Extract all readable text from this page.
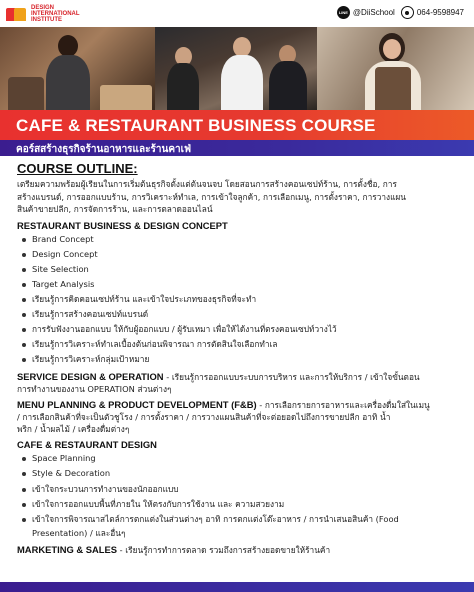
DESIGN
INTERNATIONAL
INSTITUTE
LINE @DiiSchool	064-9598947
CAFE & RESTAURANT BUSINESS COURSE
คอร์สสร้างธุรกิจร้านอาหารและร้านคาเฟ่
COURSE OUTLINE:
เตรียมความพร้อมผู้เรียนในการเริ่มต้นธุรกิจตั้งแต่ต้นจนจบ โดยสอนการสร้างคอนเซปท์ร้าน, การตั้งชื่อ, การ
สร้างแบรนด์, การออกแบบร้าน, การวิเคราะห์ทำเล, การเข้าใจลูกค้า, การเลือกเมนู, การตั้งราคา, การวางแผน
สินค้าขายปลีก, การจัดการร้าน, และการตลาดออนไลน์
RESTAURANT BUSINESS & DESIGN CONCEPT
Brand Concept
Design Concept
Site Selection
Target Analysis
เรียนรู้การคิดคอนเซปท์ร้าน และเข้าใจประเภทของธุรกิจที่จะทำ
เรียนรู้การสร้างคอนเซปท์แบรนด์
การรับฟังงานออกแบบ ให้กับผู้ออกแบบ / ผู้รับเหมา เพื่อให้ได้งานที่ตรงคอนเซปท์วางไว้
เรียนรู้การวิเคราะห์ทำเลเบื้องต้นก่อนพิจารณา การตัดสินใจเลือกทำเล
เรียนรู้การวิเคราะห์กลุ่มเป้าหมาย
SERVICE DESIGN & OPERATION - เรียนรู้การออกแบบระบบการบริหาร และการให้บริการ / เข้าใจขั้นตอน
การทำงานของงาน OPERATION ส่วนต่างๆ
MENU PLANNING & PRODUCT DEVELOPMENT (F&B) - การเลือกรายการอาหารและเครื่องดื่มใส่ในเมนู
/ การเลือกสินค้าที่จะเป็นตัวชูโรง / การตั้งราคา / การวางแผนสินค้าที่จะต่อยอดไปถึงการขายปลีก อาทิ น้ำ
พริก / น้ำผลไม้ / เครื่องดื่มต่างๆ
CAFE & RESTAURANT DESIGN
Space Planning
Style & Decoration
เข้าใจกระบวนการทำงานของนักออกแบบ
เข้าใจการออกแบบพื้นที่ภายใน ให้ตรงกับการใช้งาน และ ความสวยงาม
เข้าใจการพิจารณาสไตล์การตกแต่งในส่วนต่างๆ อาทิ การตกแต่งโต๊ะอาหาร / การนำเสนอสินค้า (Food
Presentation) / และอื่นๆ
MARKETING & SALES - เรียนรู้การทำการตลาด รวมถึงการสร้างยอดขายให้ร้านค้า
